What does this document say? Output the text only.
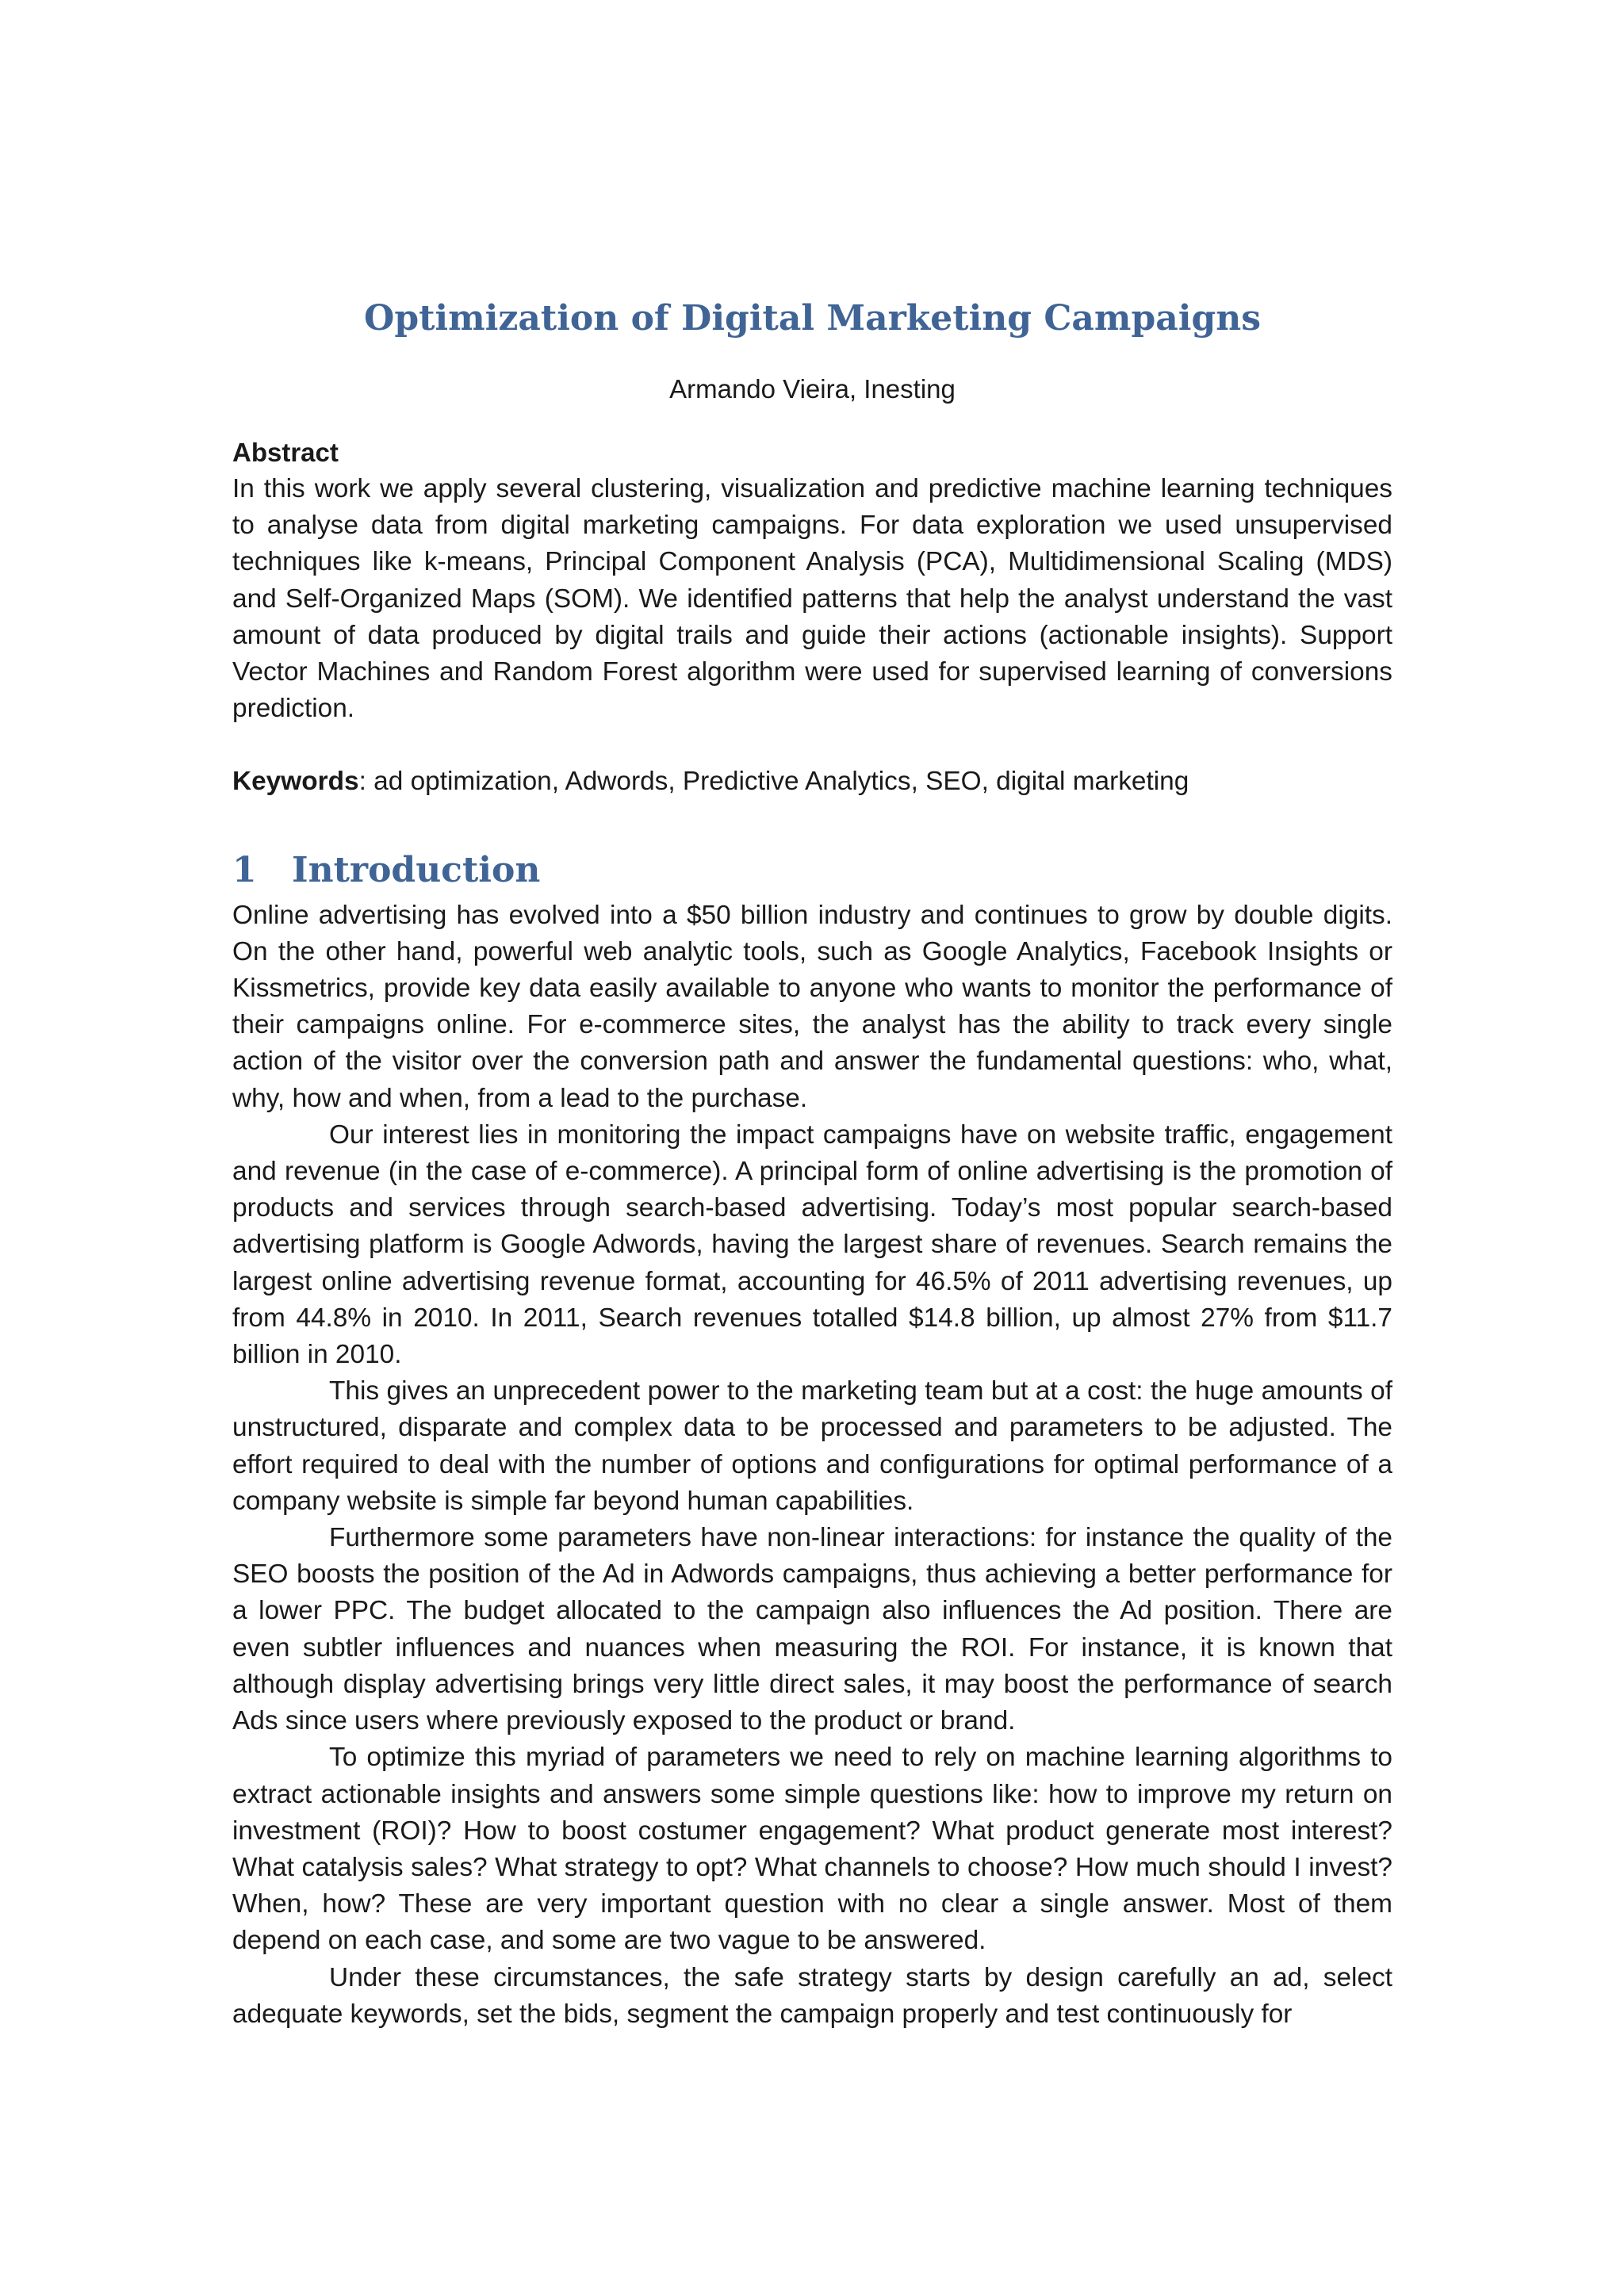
Optimization of Digital Marketing Campaigns
Armando Vieira, Inesting
Abstract

In this work we apply several clustering, visualization and predictive machine learning techniques to analyse data from digital marketing campaigns. For data exploration we used unsupervised techniques like k-means, Principal Component Analysis (PCA), Multidimensional Scaling (MDS) and Self-Organized Maps (SOM). We identified patterns that help the analyst understand the vast amount of data produced by digital trails and guide their actions (actionable insights). Support Vector Machines and Random Forest algorithm were used for supervised learning of conversions prediction.

Keywords: ad optimization, Adwords, Predictive Analytics, SEO, digital marketing

1 Introduction

Online advertising has evolved into a $50 billion industry and continues to grow by double digits. On the other hand, powerful web analytic tools, such as Google Analytics, Facebook Insights or Kissmetrics, provide key data easily available to anyone who wants to monitor the performance of their campaigns online. For e-commerce sites, the analyst has the ability to track every single action of the visitor over the conversion path and answer the fundamental questions: who, what, why, how and when, from a lead to the purchase.

Our interest lies in monitoring the impact campaigns have on website traffic, engagement and revenue (in the case of e-commerce). A principal form of online advertising is the promotion of products and services through search-based advertising. Today’s most popular search-based advertising platform is Google Adwords, having the largest share of revenues. Search remains the largest online advertising revenue format, accounting for 46.5% of 2011 advertising revenues, up from 44.8% in 2010. In 2011, Search revenues totalled $14.8 billion, up almost 27% from $11.7 billion in 2010.

This gives an unprecedent power to the marketing team but at a cost: the huge amounts of unstructured, disparate and complex data to be processed and parameters to be adjusted. The effort required to deal with the number of options and configurations for optimal performance of a company website is simple far beyond human capabilities.

Furthermore some parameters have non-linear interactions: for instance the quality of the SEO boosts the position of the Ad in Adwords campaigns, thus achieving a better performance for a lower PPC. The budget allocated to the campaign also influences the Ad position. There are even subtler influences and nuances when measuring the ROI. For instance, it is known that although display advertising brings very little direct sales, it may boost the performance of search Ads since users where previously exposed to the product or brand.

To optimize this myriad of parameters we need to rely on machine learning algorithms to extract actionable insights and answers some simple questions like: how to improve my return on investment (ROI)? How to boost costumer engagement? What product generate most interest? What catalysis sales? What strategy to opt? What channels to choose? How much should I invest? When, how? These are very important question with no clear a single answer. Most of them depend on each case, and some are two vague to be answered.

Under these circumstances, the safe strategy starts by design carefully an ad, select adequate keywords, set the bids, segment the campaign properly and test continuously for
